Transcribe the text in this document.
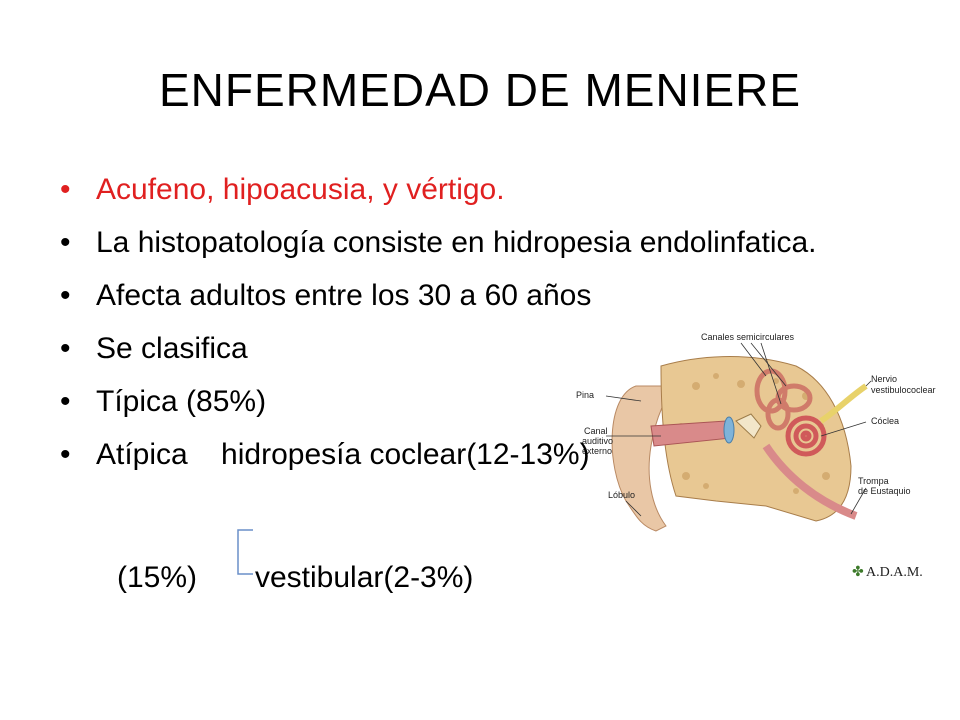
ENFERMEDAD DE MENIERE
Canales semicirculares
Pina
Canal
auditivo
externo
Nervio
vestibulococlear
Cóclea
Trompa
de Eustaquio
Lóbulo
✤ A.D.A.M.
• Acufeno, hipoacusia, y vértigo.
• La histopatología consiste en hidropesia endolinfatica.
• Afecta adultos entre los 30 a 60 años
• Se clasifica
• Típica (85%)
• Atípica    hidropesía coclear(12-13%)
(15%) vestibular(2-3%)
